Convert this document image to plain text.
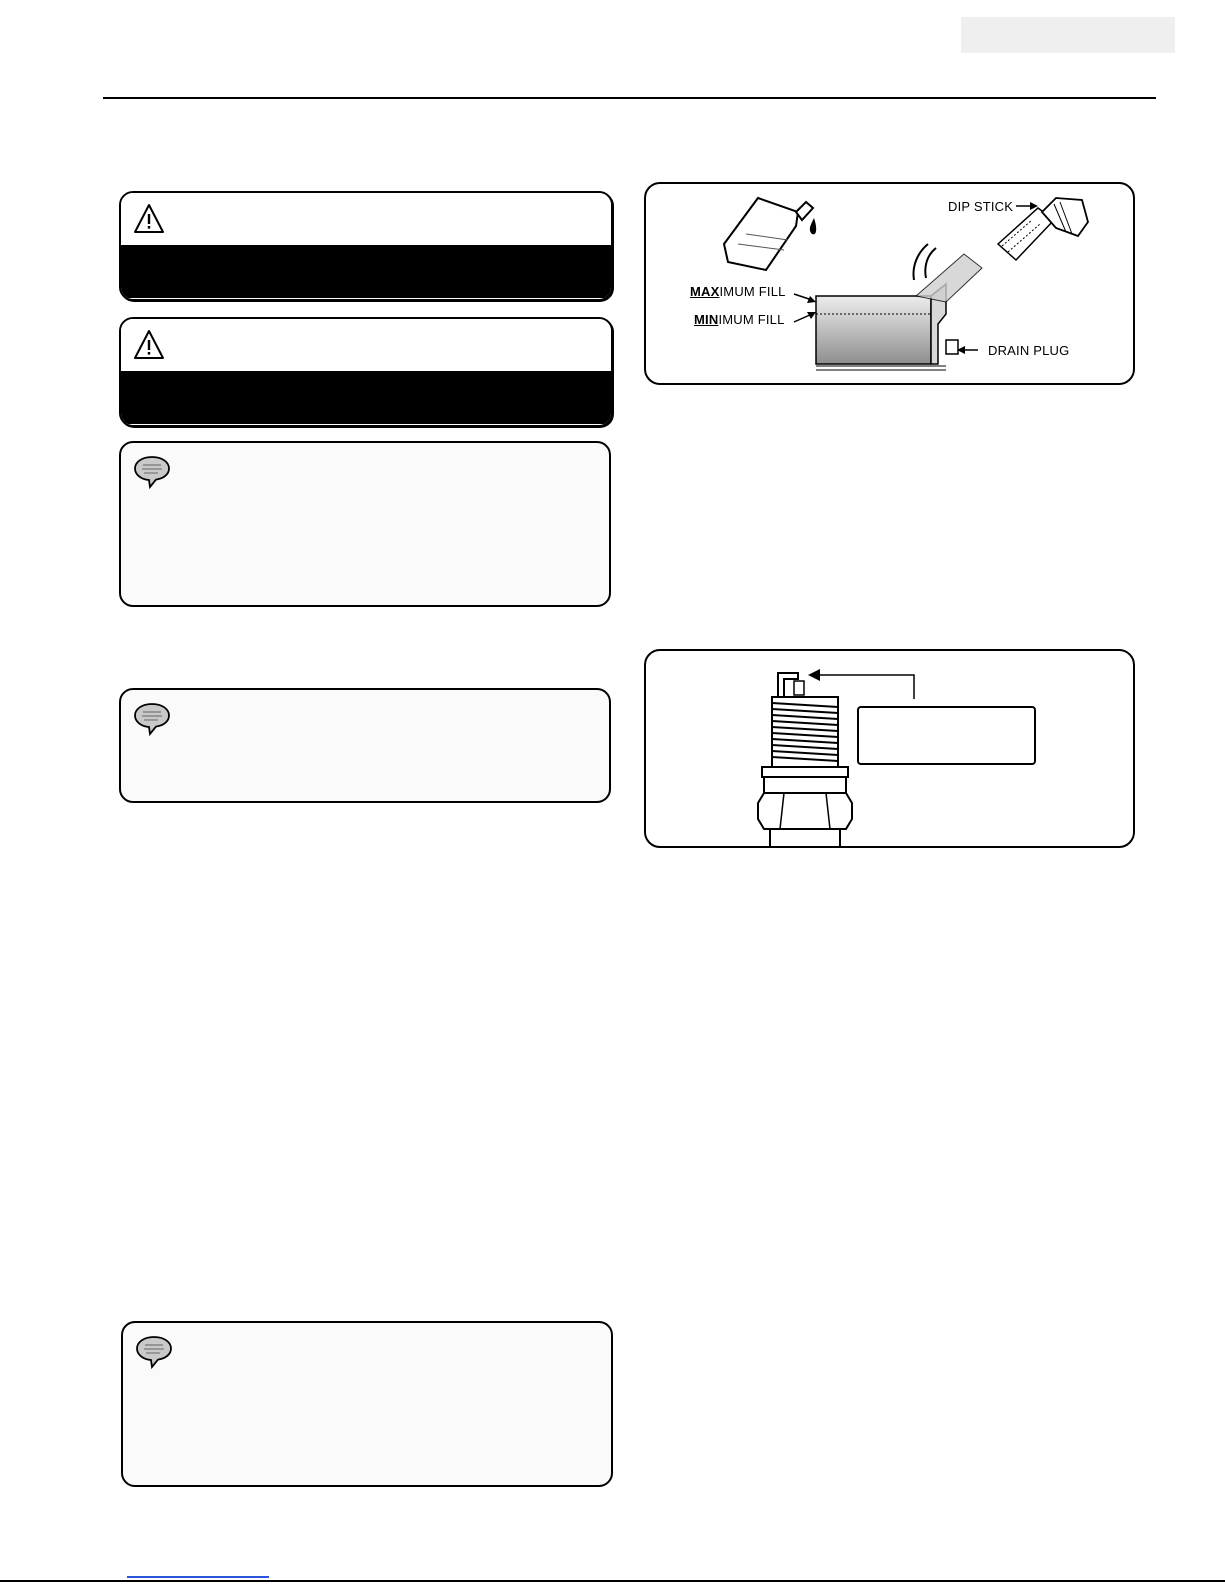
DIP STICK
MAXIMUM FILL
MINIMUM FILL
DRAIN PLUG
